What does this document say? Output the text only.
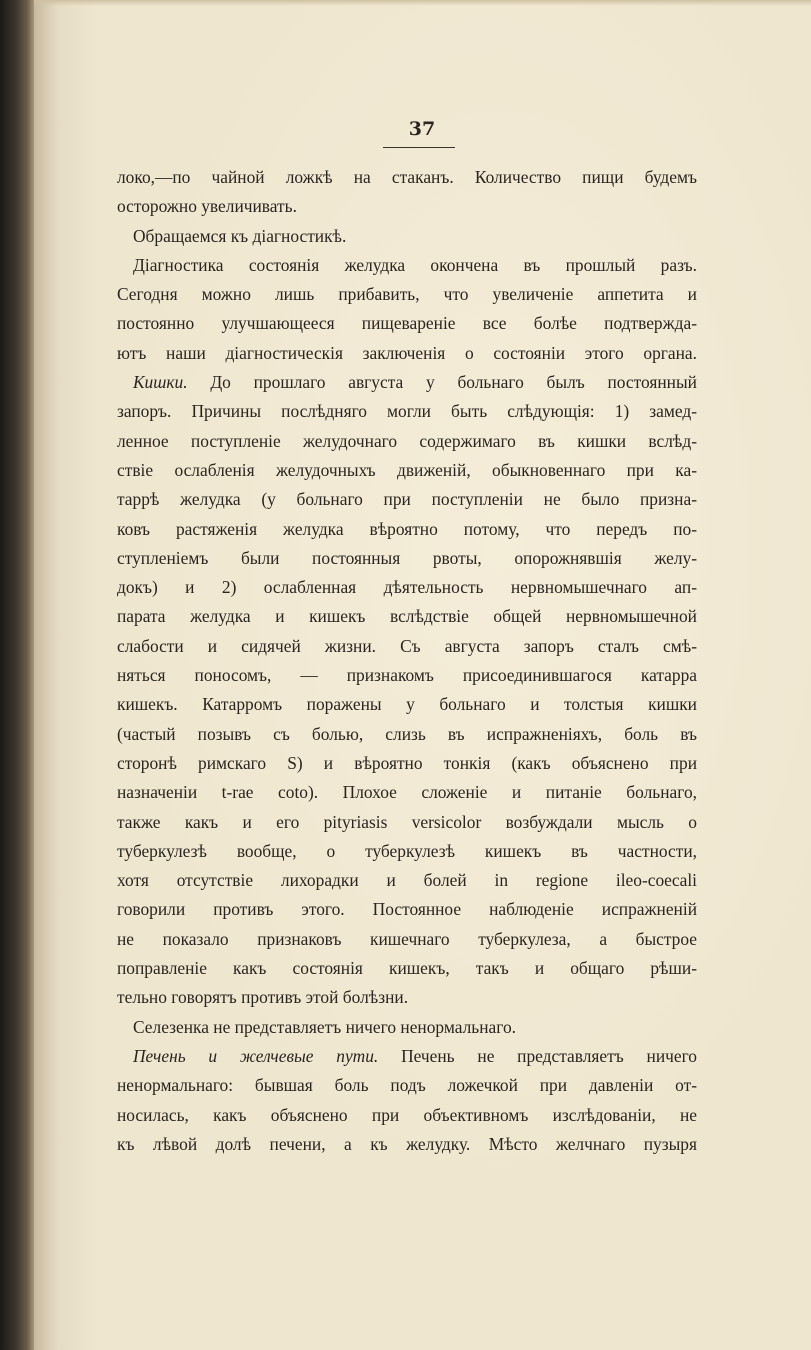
37

локо,—по чайной ложкѣ на стаканъ. Количество пищи будемъ
осторожно увеличивать.

Обращаемся къ діагностикѣ.

Діагностика состоянія желудка окончена въ прошлый разъ.
Сегодня можно лишь прибавить, что увеличеніе аппетита и
постоянно улучшающееся пищевареніе все болѣе подтвержда-
ютъ наши діагностическія заключенія о состояніи этого органа.

Кишки. До прошлаго августа у больнаго былъ постоянный
запоръ. Причины послѣдняго могли быть слѣдующія: 1) замед-
ленное поступленіе желудочнаго содержимаго въ кишки вслѣд-
ствіе ослабленія желудочныхъ движеній, обыкновеннаго при ка-
таррѣ желудка (у больнаго при поступленіи не было призна-
ковъ растяженія желудка вѣроятно потому, что передъ по-
ступленіемъ были постоянныя рвоты, опорожнявшія желу-
докъ) и 2) ослабленная дѣятельность нервномышечнаго ап-
парата желудка и кишекъ вслѣдствіе общей нервномышечной
слабости и сидячей жизни. Съ августа запоръ сталъ смѣ-
няться поносомъ, — признакомъ присоединившагося катарра
кишекъ. Катарромъ поражены у больнаго и толстыя кишки
(частый позывъ съ болью, слизь въ испражненіяхъ, боль въ
сторонѣ римскаго S) и вѣроятно тонкія (какъ объяснено при
назначеніи t-rae coto). Плохое сложеніе и питаніе больнаго,
также какъ и его pityriasis versicolor возбуждали мысль о
туберкулезѣ вообще, о туберкулезѣ кишекъ въ частности,
хотя отсутствіе лихорадки и болей in regione ileo-coecali
говорили противъ этого. Постоянное наблюденіе испражненій
не показало признаковъ кишечнаго туберкулеза, а быстрое
поправленіе какъ состоянія кишекъ, такъ и общаго рѣши-
тельно говорятъ противъ этой болѣзни.

Селезенка не представляетъ ничего ненормальнаго.

Печень и желчевые пути. Печень не представляетъ ничего
ненормальнаго: бывшая боль подъ ложечкой при давленіи от-
носилась, какъ объяснено при объективномъ изслѣдованіи, не
къ лѣвой долѣ печени, а къ желудку. Мѣсто желчнаго пузыря
